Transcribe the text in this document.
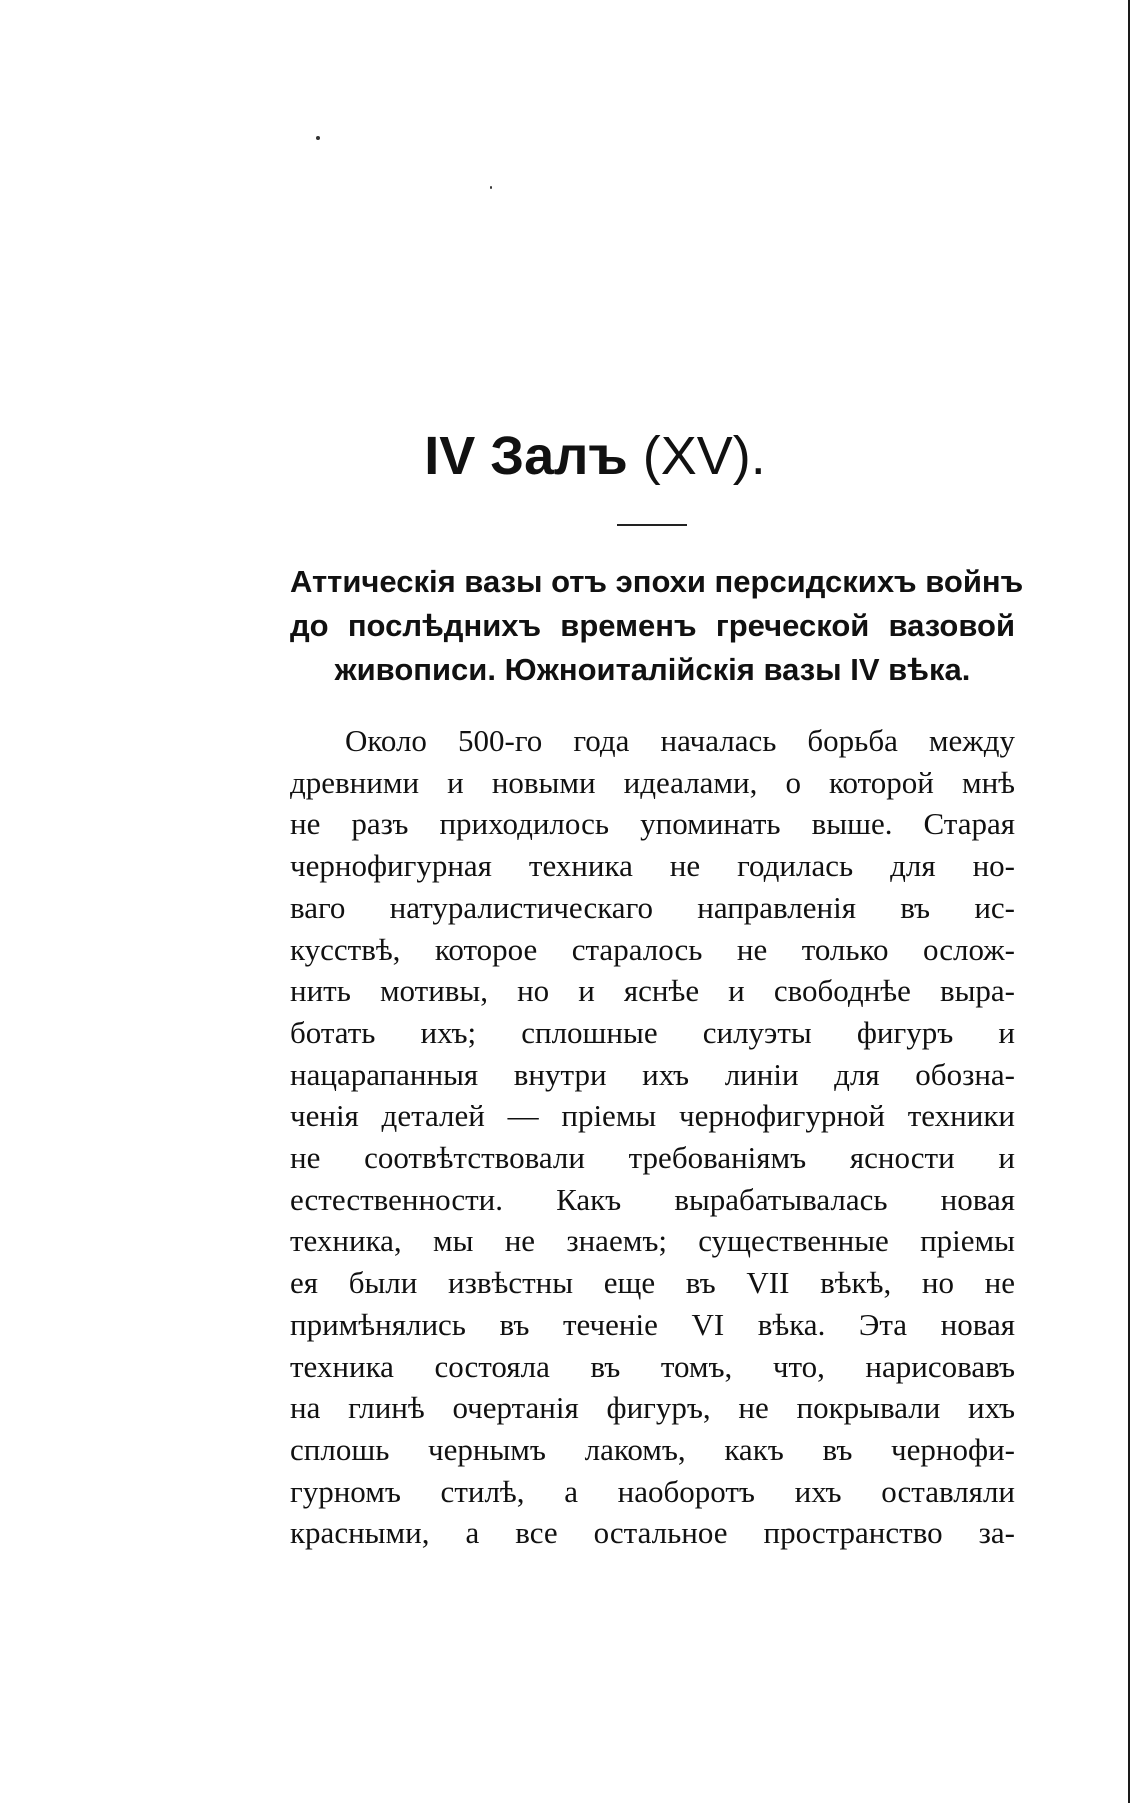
IV Залъ (XV).

Аттическія вазы отъ эпохи персидскихъ войнъ
до послѣднихъ временъ греческой вазовой
живописи. Южноиталійскія вазы IV вѣка.

Около 500-го года началась борьба между
древними и новыми идеалами, о которой мнѣ
не разъ приходилось упоминать выше. Старая
чернофигурная техника не годилась для но-
ваго натуралистическаго направленія въ ис-
кусствѣ, которое старалось не только ослож-
нить мотивы, но и яснѣе и свободнѣе выра-
ботать ихъ; сплошные силуэты фигуръ и
нацарапанныя внутри ихъ линіи для обозна-
ченія деталей — пріемы чернофигурной техники
не соотвѣтствовали требованіямъ ясности и
естественности. Какъ вырабатывалась новая
техника, мы не знаемъ; существенные пріемы
ея были извѣстны еще въ VII вѣкѣ, но не
примѣнялись въ теченіе VI вѣка. Эта новая
техника состояла въ томъ, что, нарисовавъ
на глинѣ очертанія фигуръ, не покрывали ихъ
сплошь чернымъ лакомъ, какъ въ чернофи-
гурномъ стилѣ, а наоборотъ ихъ оставляли
красными, а все остальное пространство за-
